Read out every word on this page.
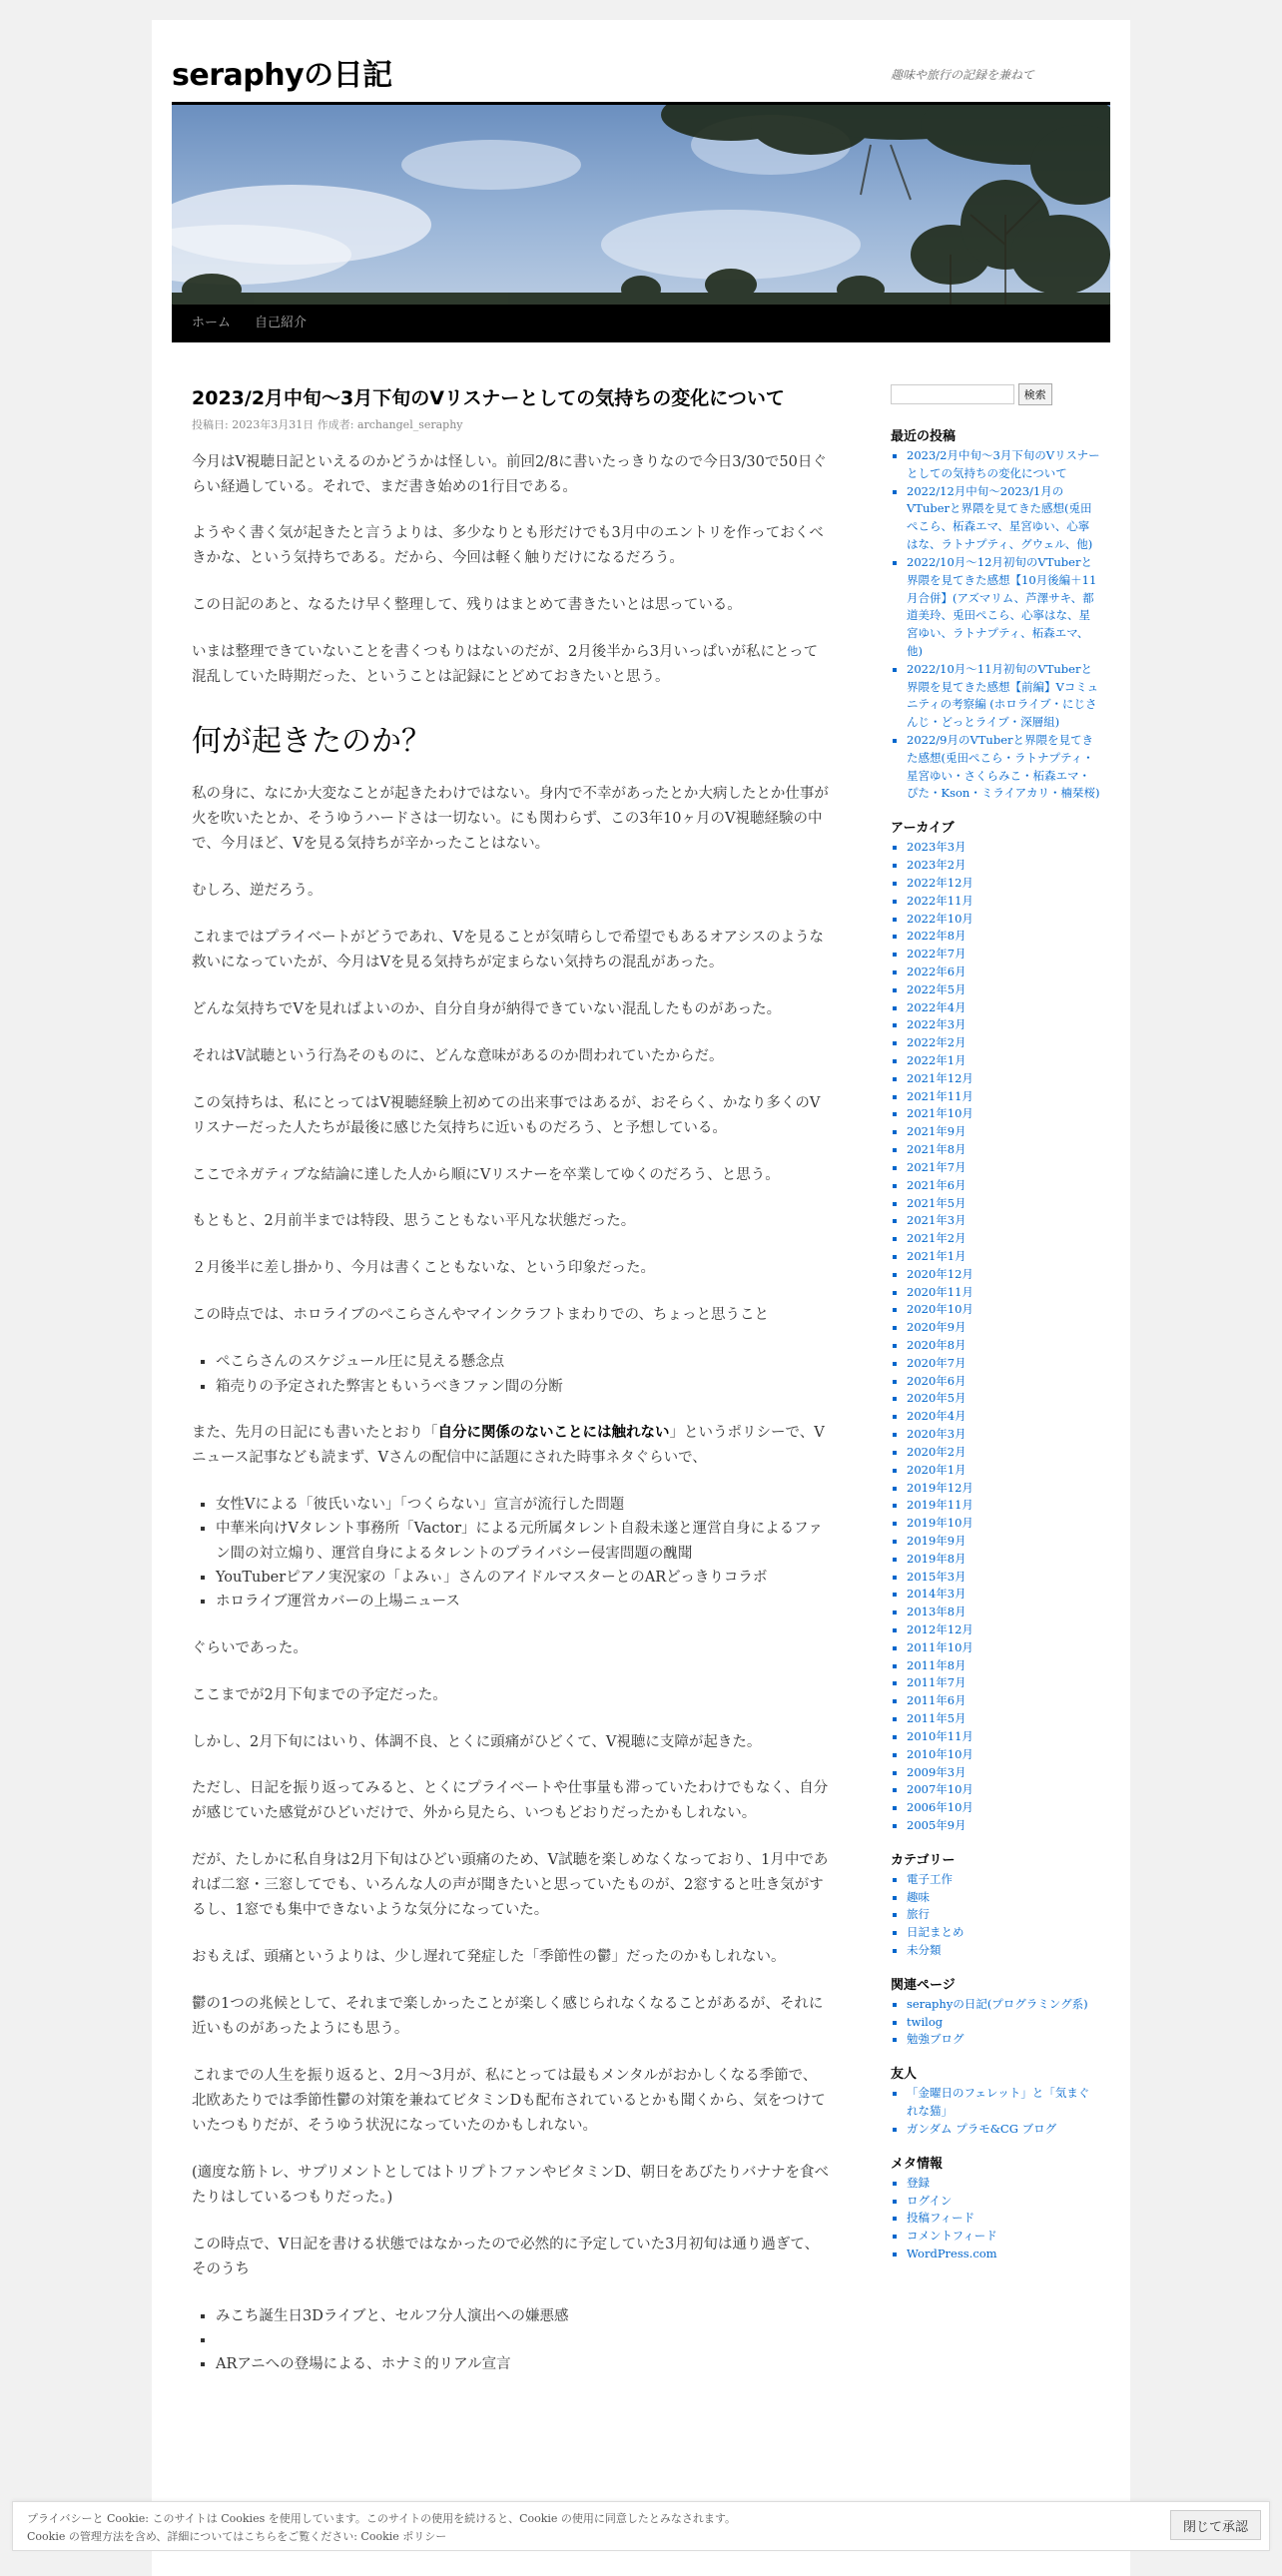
seraphyの日記	趣味や旅行の記録を兼ねて
ホーム 自己紹介
2023/2月中旬～3月下旬のVリスナーとしての気持ちの変化について
投稿日: 2023年3月31日 作成者: archangel_seraphy

今月はV視聴日記といえるのかどうかは怪しい。前回2/8に書いたっきりなので今日3/30で50日ぐらい経過している。それで、まだ書き始めの1行目である。

ようやく書く気が起きたと言うよりは、多少なりとも形だけでも3月中のエントリを作っておくべきかな、という気持ちである。だから、今回は軽く触りだけになるだろう。

この日記のあと、なるたけ早く整理して、残りはまとめて書きたいとは思っている。

いまは整理できていないことを書くつもりはないのだが、2月後半から3月いっぱいが私にとって混乱していた時期だった、ということは記録にとどめておきたいと思う。

何が起きたのか？

私の身に、なにか大変なことが起きたわけではない。身内で不幸があったとか大病したとか仕事が火を吹いたとか、そうゆうハードさは一切ない。にも関わらず、この3年10ヶ月のV視聴経験の中で、今月ほど、Vを見る気持ちが辛かったことはない。

むしろ、逆だろう。

これまではプライベートがどうであれ、Vを見ることが気晴らしで希望でもあるオアシスのような救いになっていたが、今月はVを見る気持ちが定まらない気持ちの混乱があった。

どんな気持ちでVを見ればよいのか、自分自身が納得できていない混乱したものがあった。

それはV試聴という行為そのものに、どんな意味があるのか問われていたからだ。

この気持ちは、私にとってはV視聴経験上初めての出来事ではあるが、おそらく、かなり多くのVリスナーだった人たちが最後に感じた気持ちに近いものだろう、と予想している。

ここでネガティブな結論に達した人から順にVリスナーを卒業してゆくのだろう、と思う。

もともと、2月前半までは特段、思うこともない平凡な状態だった。

２月後半に差し掛かり、今月は書くこともないな、という印象だった。

この時点では、ホロライブのぺこらさんやマインクラフトまわりでの、ちょっと思うこと

▪ ぺこらさんのスケジュール圧に見える懸念点
▪ 箱売りの予定された弊害ともいうべきファン間の分断

また、先月の日記にも書いたとおり「自分に関係のないことには触れない」というポリシーで、Vニュース記事なども読まず、Vさんの配信中に話題にされた時事ネタぐらいで、

▪ 女性Vによる「彼氏いない」「つくらない」宣言が流行した問題
▪ 中華米向けVタレント事務所「Vactor」による元所属タレント自殺未遂と運営自身によるファン間の対立煽り、運営自身によるタレントのプライバシー侵害問題の醜聞
▪ YouTuberピアノ実況家の「よみぃ」さんのアイドルマスターとのARどっきりコラボ
▪ ホロライブ運営カバーの上場ニュース

ぐらいであった。

ここまでが2月下旬までの予定だった。

しかし、2月下旬にはいり、体調不良、とくに頭痛がひどくて、V視聴に支障が起きた。

ただし、日記を振り返ってみると、とくにプライベートや仕事量も滞っていたわけでもなく、自分が感じていた感覚がひどいだけで、外から見たら、いつもどおりだったかもしれない。

だが、たしかに私自身は2月下旬はひどい頭痛のため、V試聴を楽しめなくなっており、1月中であれば二窓・三窓してでも、いろんな人の声が聞きたいと思っていたものが、2窓すると吐き気がするし、1窓でも集中できないような気分になっていた。

おもえば、頭痛というよりは、少し遅れて発症した「季節性の鬱」だったのかもしれない。

鬱の1つの兆候として、それまで楽しかったことが楽しく感じられなくなることがあるが、それに近いものがあったようにも思う。

これまでの人生を振り返ると、2月～3月が、私にとっては最もメンタルがおかしくなる季節で、北欧あたりでは季節性鬱の対策を兼ねてビタミンDも配布されているとかも聞くから、気をつけていたつもりだが、そうゆう状況になっていたのかもしれない。

(適度な筋トレ、サプリメントとしてはトリプトファンやビタミンD、朝日をあびたりバナナを食べたりはしているつもりだった。)

この時点で、V日記を書ける状態ではなかったので必然的に予定していた3月初旬は通り過ぎて、そのうち

▪ みこち誕生日3Dライブと、セルフ分人演出への嫌悪感
▪
▪ ARアニへの登場による、ホナミ的リアル宣言
検索
最近の投稿
▪ 2023/2月中旬～3月下旬のVリスナーとしての気持ちの変化について
▪ 2022/12月中旬～2023/1月のVTuberと界隈を見てきた感想(兎田ぺこら、柘森エマ、星宮ゆい、心寧はな、ラトナプティ、グウェル、他)
▪ 2022/10月～12月初旬のVTuberと界隈を見てきた感想【10月後編＋11月合併】(アズマリム、芦澤サキ、都道美玲、兎田ぺこら、心寧はな、星宮ゆい、ラトナプティ、柘森エマ、他)
▪ 2022/10月～11月初旬のVTuberと界隈を見てきた感想【前編】Vコミュニティの考察編 (ホロライブ・にじさんじ・どっとライブ・深層組)
▪ 2022/9月のVTuberと界隈を見てきた感想(兎田ぺこら・ラトナプティ・星宮ゆい・さくらみこ・柘森エマ・ぴた・Kson・ミライアカリ・楠栞桜)
アーカイブ
▪ 2023年3月
▪ 2023年2月
▪ 2022年12月
▪ 2022年11月
▪ 2022年10月
▪ 2022年8月
▪ 2022年7月
▪ 2022年6月
▪ 2022年5月
▪ 2022年4月
▪ 2022年3月
▪ 2022年2月
▪ 2022年1月
▪ 2021年12月
▪ 2021年11月
▪ 2021年10月
▪ 2021年9月
▪ 2021年8月
▪ 2021年7月
▪ 2021年6月
▪ 2021年5月
▪ 2021年3月
▪ 2021年2月
▪ 2021年1月
▪ 2020年12月
▪ 2020年11月
▪ 2020年10月
▪ 2020年9月
▪ 2020年8月
▪ 2020年7月
▪ 2020年6月
▪ 2020年5月
▪ 2020年4月
▪ 2020年3月
▪ 2020年2月
▪ 2020年1月
▪ 2019年12月
▪ 2019年11月
▪ 2019年10月
▪ 2019年9月
▪ 2019年8月
▪ 2015年3月
▪ 2014年3月
▪ 2013年8月
▪ 2012年12月
▪ 2011年10月
▪ 2011年8月
▪ 2011年7月
▪ 2011年6月
▪ 2011年5月
▪ 2010年11月
▪ 2010年10月
▪ 2009年3月
▪ 2007年10月
▪ 2006年10月
▪ 2005年9月
カテゴリー
▪ 電子工作
▪ 趣味
▪ 旅行
▪ 日記まとめ
▪ 未分類
関連ページ
▪ seraphyの日記(プログラミング系)
▪ twilog
▪ 勉強ブログ
友人
▪ 「金曜日のフェレット」と「気まぐれな猫」
▪ ガンダム プラモ&CG ブログ
メタ情報
▪ 登録
▪ ログイン
▪ 投稿フィード
▪ コメントフィード
▪ WordPress.com
プライバシーと Cookie: このサイトは Cookies を使用しています。このサイトの使用を続けると、Cookie の使用に同意したとみなされます。
Cookie の管理方法を含め、詳細についてはこちらをご覧ください: Cookie ポリシー
閉じて承認
